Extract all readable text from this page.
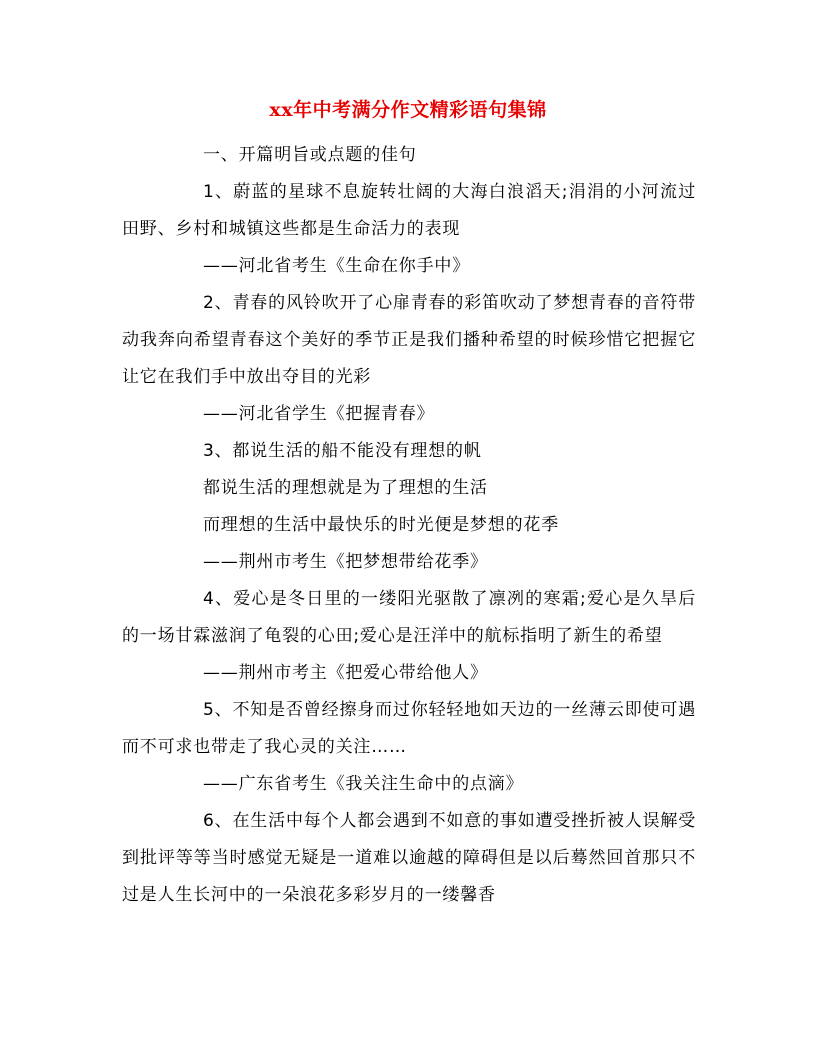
xx年中考满分作文精彩语句集锦

一、开篇明旨或点题的佳句

1、蔚蓝的星球不息旋转壮阔的大海白浪滔天;涓涓的小河流过田野、乡村和城镇这些都是生命活力的表现

——河北省考生《生命在你手中》

2、青春的风铃吹开了心扉青春的彩笛吹动了梦想青春的音符带动我奔向希望青春这个美好的季节正是我们播种希望的时候珍惜它把握它让它在我们手中放出夺目的光彩

——河北省学生《把握青春》

3、都说生活的船不能没有理想的帆

都说生活的理想就是为了理想的生活

而理想的生活中最快乐的时光便是梦想的花季

——荆州市考生《把梦想带给花季》

4、爱心是冬日里的一缕阳光驱散了凛冽的寒霜;爱心是久旱后的一场甘霖滋润了龟裂的心田;爱心是汪洋中的航标指明了新生的希望

——荆州市考主《把爱心带给他人》

5、不知是否曾经擦身而过你轻轻地如天边的一丝薄云即使可遇而不可求也带走了我心灵的关注……

——广东省考生《我关注生命中的点滴》

6、在生活中每个人都会遇到不如意的事如遭受挫折被人误解受到批评等等当时感觉无疑是一道难以逾越的障碍但是以后蓦然回首那只不过是人生长河中的一朵浪花多彩岁月的一缕馨香
